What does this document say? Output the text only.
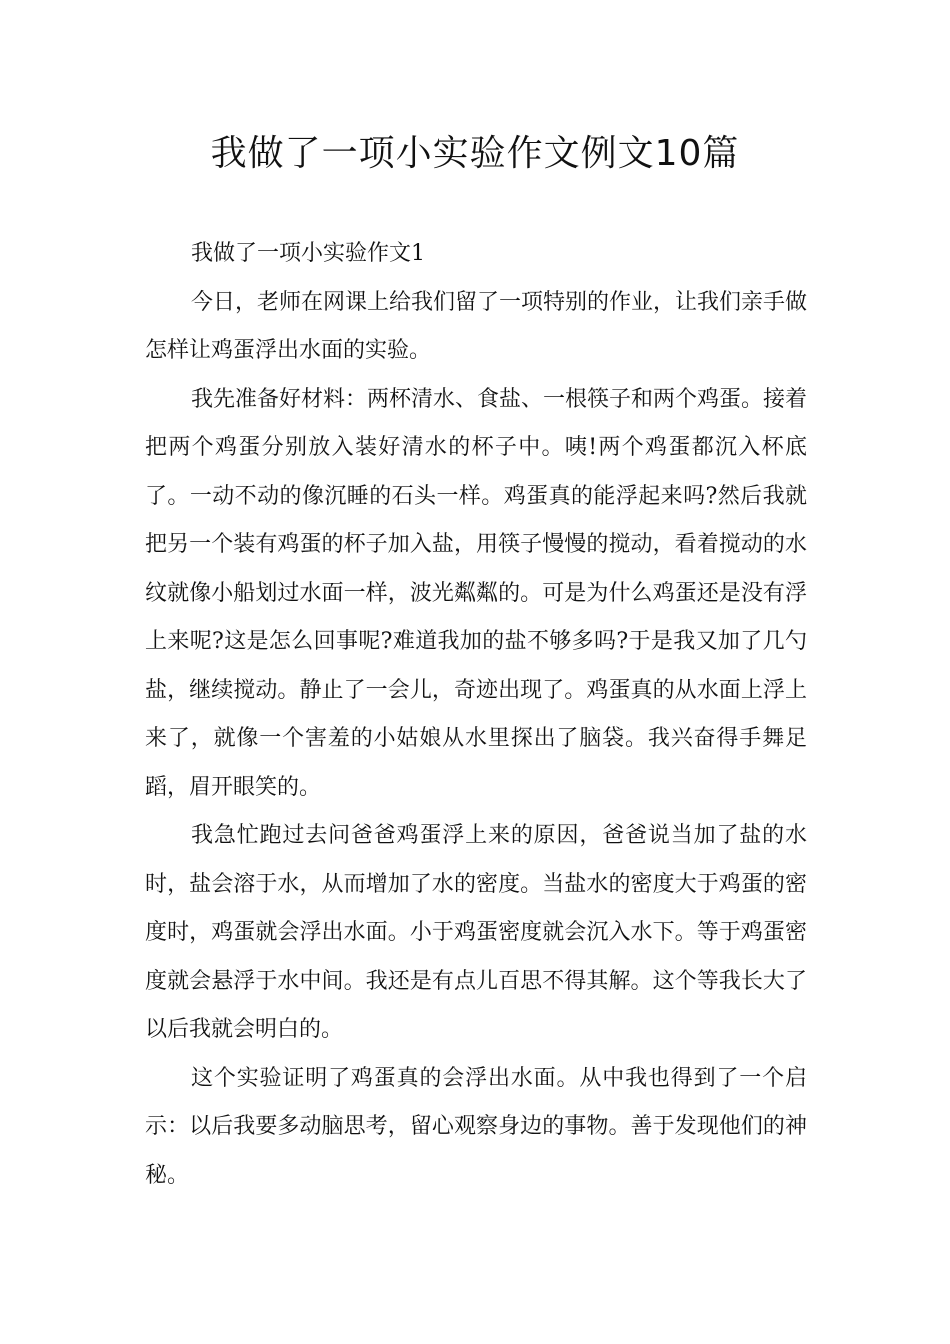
我做了一项小实验作文例文10篇
我做了一项小实验作文1

今日，老师在网课上给我们留了一项特别的作业，让我们亲手做怎样让鸡蛋浮出水面的实验。

我先准备好材料：两杯清水、食盐、一根筷子和两个鸡蛋。接着把两个鸡蛋分别放入装好清水的杯子中。咦!两个鸡蛋都沉入杯底了。一动不动的像沉睡的石头一样。鸡蛋真的能浮起来吗?然后我就把另一个装有鸡蛋的杯子加入盐，用筷子慢慢的搅动，看着搅动的水纹就像小船划过水面一样，波光粼粼的。可是为什么鸡蛋还是没有浮上来呢?这是怎么回事呢?难道我加的盐不够多吗?于是我又加了几勺盐，继续搅动。静止了一会儿，奇迹出现了。鸡蛋真的从水面上浮上来了，就像一个害羞的小姑娘从水里探出了脑袋。我兴奋得手舞足蹈，眉开眼笑的。

我急忙跑过去问爸爸鸡蛋浮上来的原因，爸爸说当加了盐的水时，盐会溶于水，从而增加了水的密度。当盐水的密度大于鸡蛋的密度时，鸡蛋就会浮出水面。小于鸡蛋密度就会沉入水下。等于鸡蛋密度就会悬浮于水中间。我还是有点儿百思不得其解。这个等我长大了以后我就会明白的。

这个实验证明了鸡蛋真的会浮出水面。从中我也得到了一个启示：以后我要多动脑思考，留心观察身边的事物。善于发现他们的神秘。
